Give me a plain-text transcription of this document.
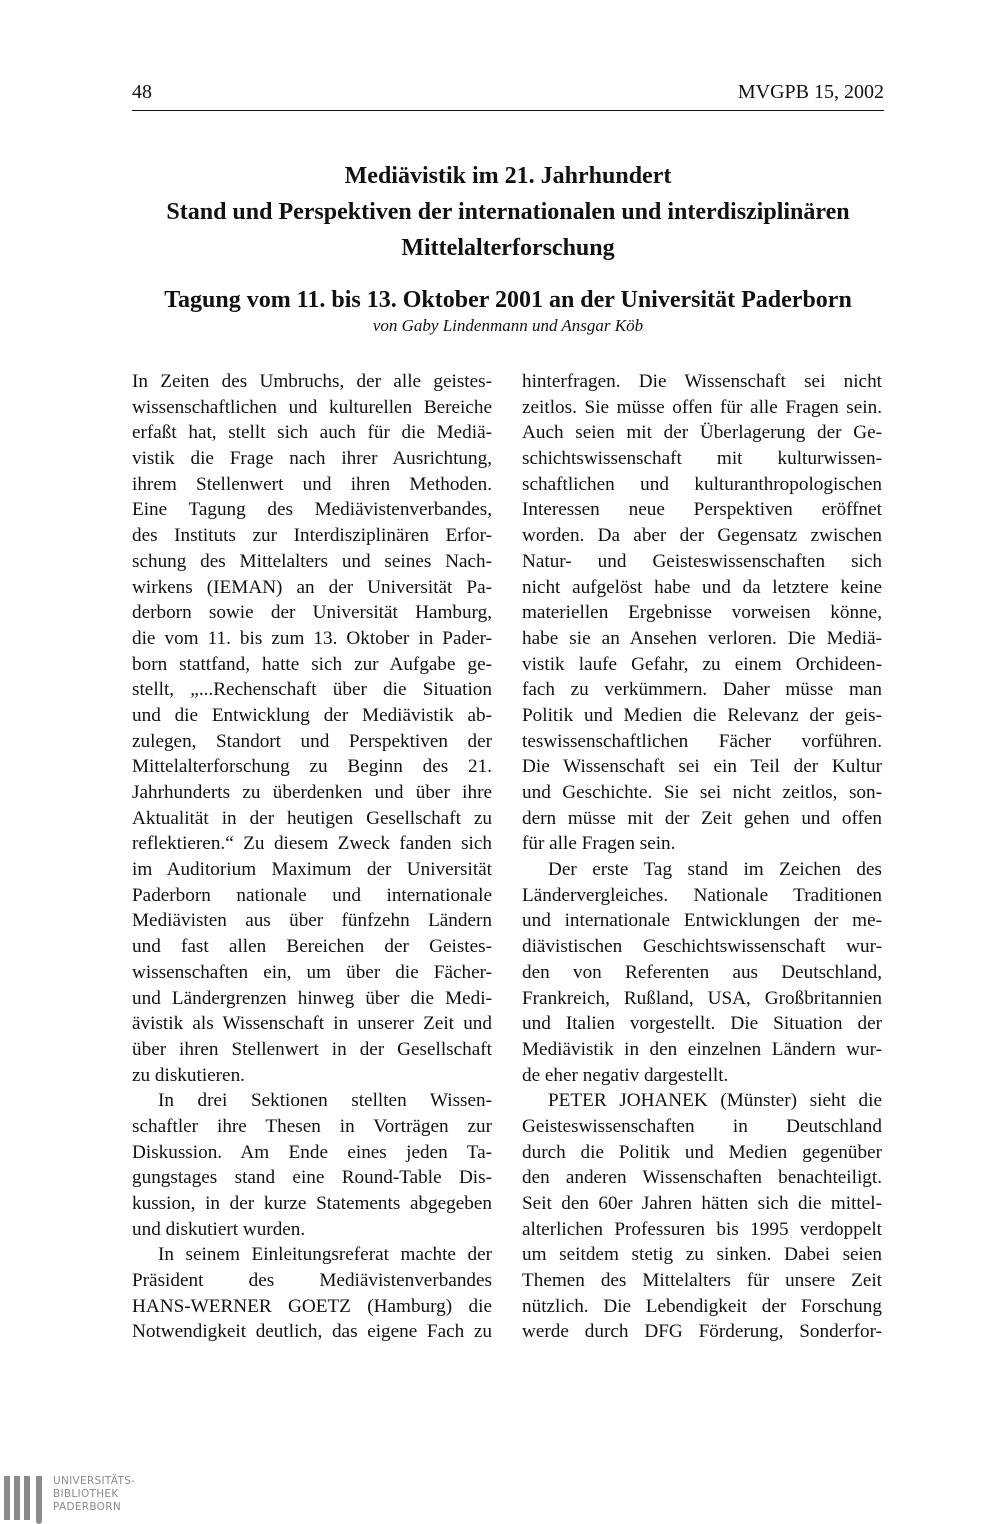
48	MVGPB 15, 2002
Mediävistik im 21. Jahrhundert
Stand und Perspektiven der internationalen und interdisziplinären
Mittelalterforschung
Tagung vom 11. bis 13. Oktober 2001 an der Universität Paderborn
von Gaby Lindenmann und Ansgar Köb
In Zeiten des Umbruchs, der alle geistes-
wissenschaftlichen und kulturellen Bereiche
erfaßt hat, stellt sich auch für die Mediä-
vistik die Frage nach ihrer Ausrichtung,
ihrem Stellenwert und ihren Methoden.
Eine Tagung des Mediävistenverbandes,
des Instituts zur Interdisziplinären Erfor-
schung des Mittelalters und seines Nach-
wirkens (IEMAN) an der Universität Pa-
derborn sowie der Universität Hamburg,
die vom 11. bis zum 13. Oktober in Pader-
born stattfand, hatte sich zur Aufgabe ge-
stellt, „...Rechenschaft über die Situation
und die Entwicklung der Mediävistik ab-
zulegen, Standort und Perspektiven der
Mittelalterforschung zu Beginn des 21.
Jahrhunderts zu überdenken und über ihre
Aktualität in der heutigen Gesellschaft zu
reflektieren.“ Zu diesem Zweck fanden sich
im Auditorium Maximum der Universität
Paderborn nationale und internationale
Mediävisten aus über fünfzehn Ländern
und fast allen Bereichen der Geistes-
wissenschaften ein, um über die Fächer-
und Ländergrenzen hinweg über die Medi-
ävistik als Wissenschaft in unserer Zeit und
über ihren Stellenwert in der Gesellschaft
zu diskutieren.
In drei Sektionen stellten Wissen-
schaftler ihre Thesen in Vorträgen zur
Diskussion. Am Ende eines jeden Ta-
gungstages stand eine Round-Table Dis-
kussion, in der kurze Statements abgegeben
und diskutiert wurden.
In seinem Einleitungsreferat machte der
Präsident des Mediävistenverbandes
HANS-WERNER GOETZ (Hamburg) die
Notwendigkeit deutlich, das eigene Fach zu
hinterfragen. Die Wissenschaft sei nicht
zeitlos. Sie müsse offen für alle Fragen sein.
Auch seien mit der Überlagerung der Ge-
schichtswissenschaft mit kulturwissen-
schaftlichen und kulturanthropologischen
Interessen neue Perspektiven eröffnet
worden. Da aber der Gegensatz zwischen
Natur- und Geisteswissenschaften sich
nicht aufgelöst habe und da letztere keine
materiellen Ergebnisse vorweisen könne,
habe sie an Ansehen verloren. Die Mediä-
vistik laufe Gefahr, zu einem Orchideen-
fach zu verkümmern. Daher müsse man
Politik und Medien die Relevanz der geis-
teswissenschaftlichen Fächer vorführen.
Die Wissenschaft sei ein Teil der Kultur
und Geschichte. Sie sei nicht zeitlos, son-
dern müsse mit der Zeit gehen und offen
für alle Fragen sein.
Der erste Tag stand im Zeichen des
Ländervergleiches. Nationale Traditionen
und internationale Entwicklungen der me-
diävistischen Geschichtswissenschaft wur-
den von Referenten aus Deutschland,
Frankreich, Rußland, USA, Großbritannien
und Italien vorgestellt. Die Situation der
Mediävistik in den einzelnen Ländern wur-
de eher negativ dargestellt.
PETER JOHANEK (Münster) sieht die
Geisteswissenschaften in Deutschland
durch die Politik und Medien gegenüber
den anderen Wissenschaften benachteiligt.
Seit den 60er Jahren hätten sich die mittel-
alterlichen Professuren bis 1995 verdoppelt
um seitdem stetig zu sinken. Dabei seien
Themen des Mittelalters für unsere Zeit
nützlich. Die Lebendigkeit der Forschung
werde durch DFG Förderung, Sonderfor-
UNIVERSITÄTS-
BIBLIOTHEK
PADERBORN
